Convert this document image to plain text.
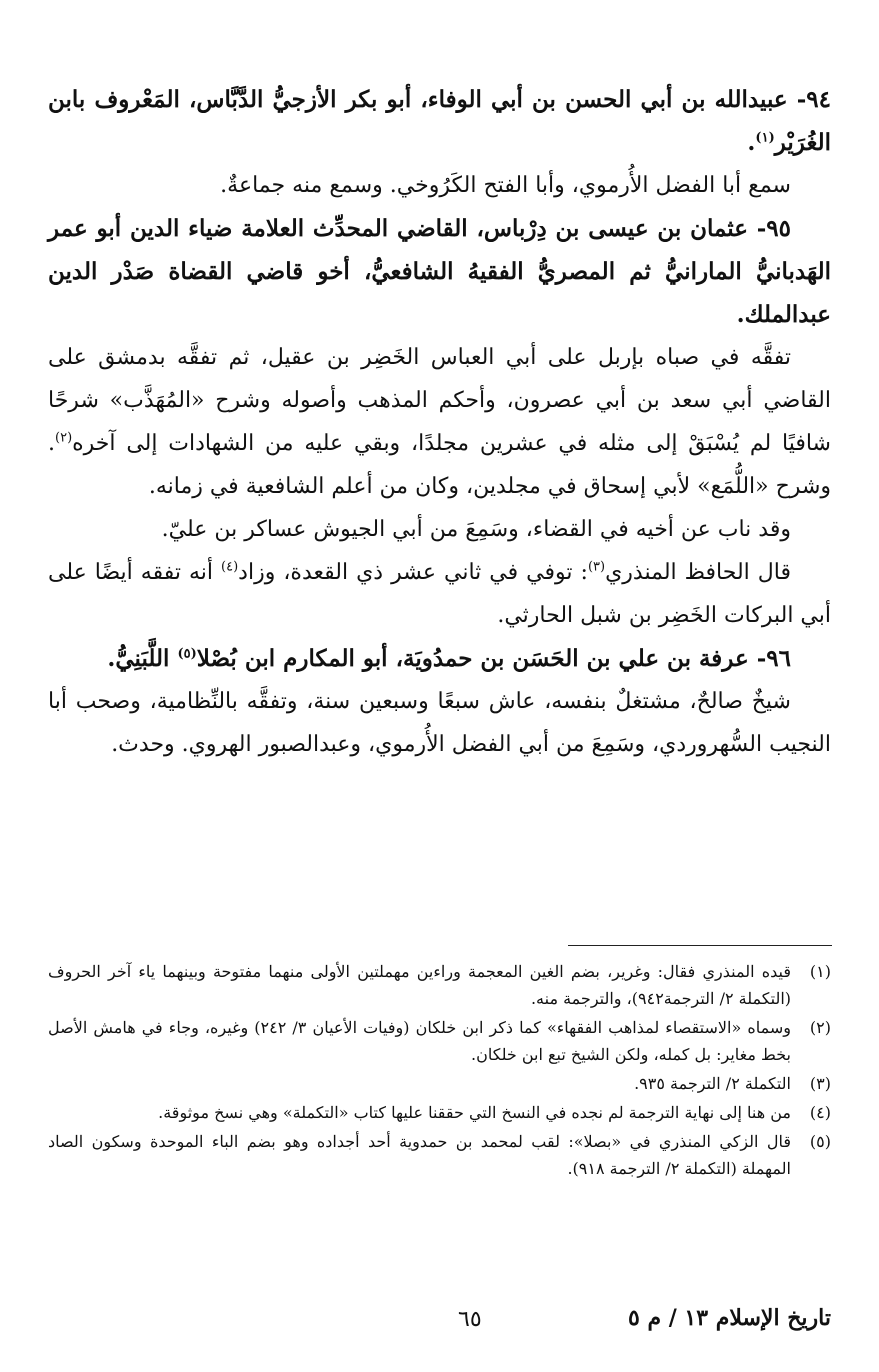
٩٤- عبيدالله بن أبي الحسن بن أبي الوفاء، أبو بكر الأزجيُّ الدَّبَّاس، المَعْروف بابن الغُرَيْر$^{(١)}$.

سمع أبا الفضل الأُرموي، وأبا الفتح الكَرُوخي. وسمع منه جماعةٌ.

٩٥- عثمان بن عيسى بن دِرْباس، القاضي المحدِّث العلامة ضياء الدين أبو عمر الهَدبانيُّ المارانيُّ ثم المصريُّ الفقيهُ الشافعيُّ، أخو قاضي القضاة صَدْر الدين عبدالملك.

تفقَّه في صباه بإربل على أبي العباس الخَضِر بن عقيل، ثم تفقَّه بدمشق على القاضي أبي سعد بن أبي عصرون، وأحكم المذهب وأصوله وشرح «المُهَذَّب» شرحًا شافيًا لم يُسْبَقْ إلى مثله في عشرين مجلدًا، وبقي عليه من الشهادات إلى آخره$^{(٢)}$. وشرح «اللُّمَع» لأبي إسحاق في مجلدين، وكان من أعلم الشافعية في زمانه.

وقد ناب عن أخيه في القضاء، وسَمِعَ من أبي الجيوش عساكر بن عليّ.

قال الحافظ المنذري$^{(٣)}$: توفي في ثاني عشر ذي القعدة، وزاد$^{(٤)}$ أنه تفقه أيضًا على أبي البركات الخَضِر بن شبل الحارثي.

٩٦- عرفة بن علي بن الحَسَن بن حمدُويَة، أبو المكارم ابن بُصْلا$^{(٥)}$ اللَّبَنِيُّ.

شيخٌ صالحٌ، مشتغلٌ بنفسه، عاش سبعًا وسبعين سنة، وتفقَّه بالنِّظامية، وصحب أبا النجيب السُّهروردي، وسَمِعَ من أبي الفضل الأُرموي، وعبدالصبور الهروي. وحدث.

(١)
قيده المنذري فقال: وغرير، بضم الغين المعجمة وراءين مهملتين الأولى منهما مفتوحة وبينهما ياء آخر الحروف (التكملة ٢/ الترجمة٩٤٢)، والترجمة منه.
(٢)
وسماه «الاستقصاء لمذاهب الفقهاء» كما ذكر ابن خلكان (وفيات الأعيان ٣/ ٢٤٢) وغيره، وجاء في هامش الأصل بخط مغاير: بل كمله، ولكن الشيخ تبع ابن خلكان.
(٣)
التكملة ٢/ الترجمة ٩٣٥.
(٤)
من هنا إلى نهاية الترجمة لم نجده في النسخ التي حققنا عليها كتاب «التكملة» وهي نسخ موثوقة.
(٥)
قال الزكي المنذري في «بصلا»: لقب لمحمد بن حمدوية أحد أجداده وهو بضم الباء الموحدة وسكون الصاد المهملة (التكملة ٢/ الترجمة ٩١٨).
تاريخ الإسلام ١٣ / م ٥
٦٥
